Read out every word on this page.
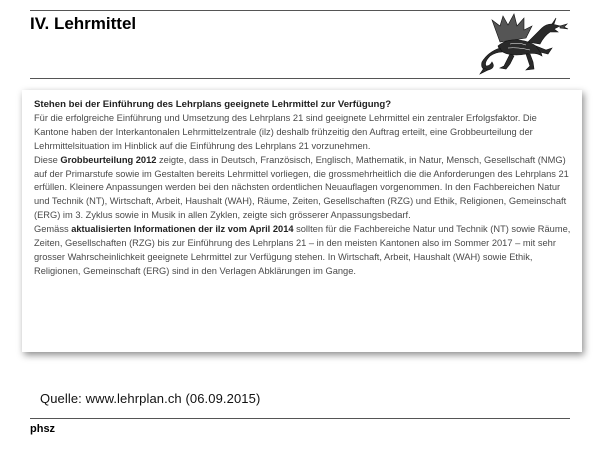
IV. Lehrmittel

Stehen bei der Einführung des Lehrplans geeignete Lehrmittel zur Verfügung?

Für die erfolgreiche Einführung und Umsetzung des Lehrplans 21 sind geeignete Lehrmittel ein zentraler Erfolgsfaktor. Die Kantone haben der Interkantonalen Lehrmittelzentrale (ilz) deshalb frühzeitig den Auftrag erteilt, eine Grobbeurteilung der Lehrmittelsituation im Hinblick auf die Einführung des Lehrplans 21 vorzunehmen.

Diese Grobbeurteilung 2012 zeigte, dass in Deutsch, Französisch, Englisch, Mathematik, in Natur, Mensch, Gesellschaft (NMG) auf der Primarstufe sowie im Gestalten bereits Lehrmittel vorliegen, die grossmehrheitlich die die Anforderungen des Lehrplans 21 erfüllen. Kleinere Anpassungen werden bei den nächsten ordentlichen Neuauflagen vorgenommen. In den Fachbereichen Natur und Technik (NT), Wirtschaft, Arbeit, Haushalt (WAH), Räume, Zeiten, Gesellschaften (RZG) und Ethik, Religionen, Gemeinschaft (ERG) im 3. Zyklus sowie in Musik in allen Zyklen, zeigte sich grösserer Anpassungsbedarf.

Gemäss aktualisierten Informationen der ilz vom April 2014 sollten für die Fachbereiche Natur und Technik (NT) sowie Räume, Zeiten, Gesellschaften (RZG) bis zur Einführung des Lehrplans 21 – in den meisten Kantonen also im Sommer 2017 – mit sehr grosser Wahrscheinlichkeit geeignete Lehrmittel zur Verfügung stehen. In Wirtschaft, Arbeit, Haushalt (WAH) sowie Ethik, Religionen, Gemeinschaft (ERG) sind in den Verlagen Abklärungen im Gange.

Quelle: www.lehrplan.ch (06.09.2015)
phsz
